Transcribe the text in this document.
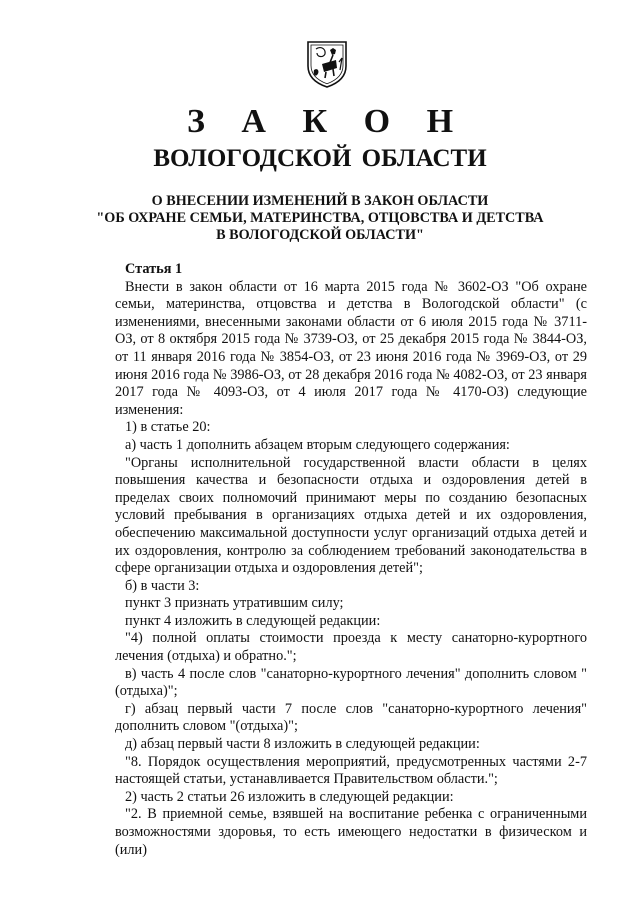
З А К О Н
ВОЛОГОДСКОЙ ОБЛАСТИ
О ВНЕСЕНИИ ИЗМЕНЕНИЙ В ЗАКОН ОБЛАСТИ
"ОБ ОХРАНЕ СЕМЬИ, МАТЕРИНСТВА, ОТЦОВСТВА И ДЕТСТВА
В ВОЛОГОДСКОЙ ОБЛАСТИ"
Статья 1

Внести в закон области от 16 марта 2015 года № 3602-ОЗ "Об охране семьи, материнства, отцовства и детства в Вологодской области" (с изменениями, внесенными законами области от 6 июля 2015 года № 3711-ОЗ, от 8 октября 2015 года № 3739-ОЗ, от 25 декабря 2015 года № 3844-ОЗ, от 11 января 2016 года № 3854-ОЗ, от 23 июня 2016 года № 3969-ОЗ, от 29 июня 2016 года № 3986-ОЗ, от 28 декабря 2016 года № 4082-ОЗ, от 23 января 2017 года № 4093-ОЗ, от 4 июля 2017 года № 4170-ОЗ) следующие изменения:

1) в статье 20:

а) часть 1 дополнить абзацем вторым следующего содержания:

"Органы исполнительной государственной власти области в целях повышения качества и безопасности отдыха и оздоровления детей в пределах своих полномочий принимают меры по созданию безопасных условий пребывания в организациях отдыха детей и их оздоровления, обеспечению максимальной доступности услуг организаций отдыха детей и их оздоровления, контролю за соблюдением требований законодательства в сфере организации отдыха и оздоровления детей";

б) в части 3:

пункт 3 признать утратившим силу;

пункт 4 изложить в следующей редакции:

"4) полной оплаты стоимости проезда к месту санаторно-курортного лечения (отдыха) и обратно.";

в) часть 4 после слов "санаторно-курортного лечения" дополнить словом "(отдыха)";

г) абзац первый части 7 после слов "санаторно-курортного лечения" дополнить словом "(отдыха)";

д) абзац первый части 8 изложить в следующей редакции:

"8. Порядок осуществления мероприятий, предусмотренных частями 2-7 настоящей статьи, устанавливается Правительством области.";

2) часть 2 статьи 26 изложить в следующей редакции:

"2. В приемной семье, взявшей на воспитание ребенка с ограниченными возможностями здоровья, то есть имеющего недостатки в физическом и (или)
